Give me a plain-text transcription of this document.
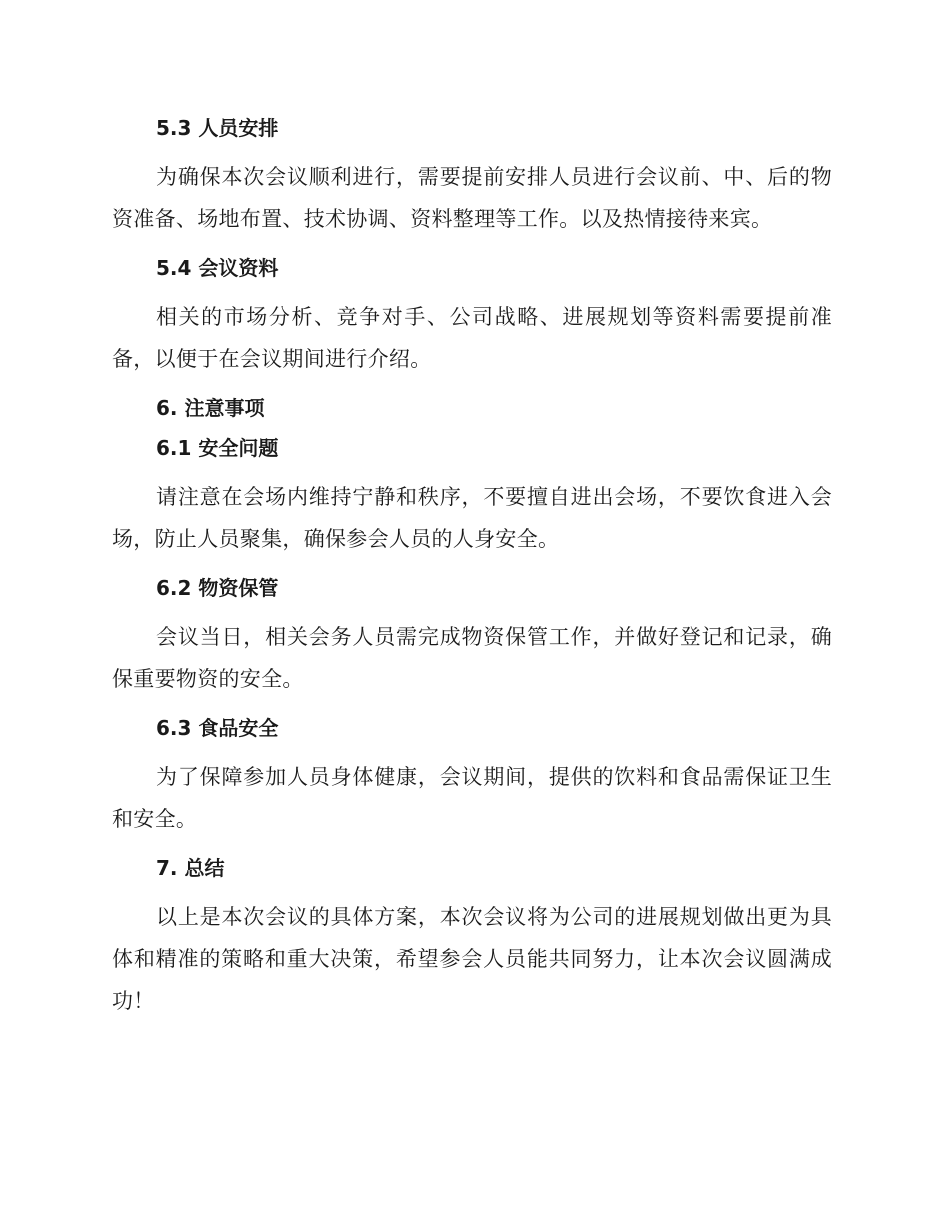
5.3 人员安排

为确保本次会议顺利进行，需要提前安排人员进行会议前、中、后的物资准备、场地布置、技术协调、资料整理等工作。以及热情接待来宾。

5.4 会议资料

相关的市场分析、竞争对手、公司战略、进展规划等资料需要提前准备，以便于在会议期间进行介绍。

6. 注意事项
6.1 安全问题

请注意在会场内维持宁静和秩序，不要擅自进出会场，不要饮食进入会场，防止人员聚集，确保参会人员的人身安全。

6.2 物资保管

会议当日，相关会务人员需完成物资保管工作，并做好登记和记录，确保重要物资的安全。

6.3 食品安全

为了保障参加人员身体健康，会议期间，提供的饮料和食品需保证卫生和安全。

7. 总结

以上是本次会议的具体方案，本次会议将为公司的进展规划做出更为具体和精准的策略和重大决策，希望参会人员能共同努力，让本次会议圆满成功！
